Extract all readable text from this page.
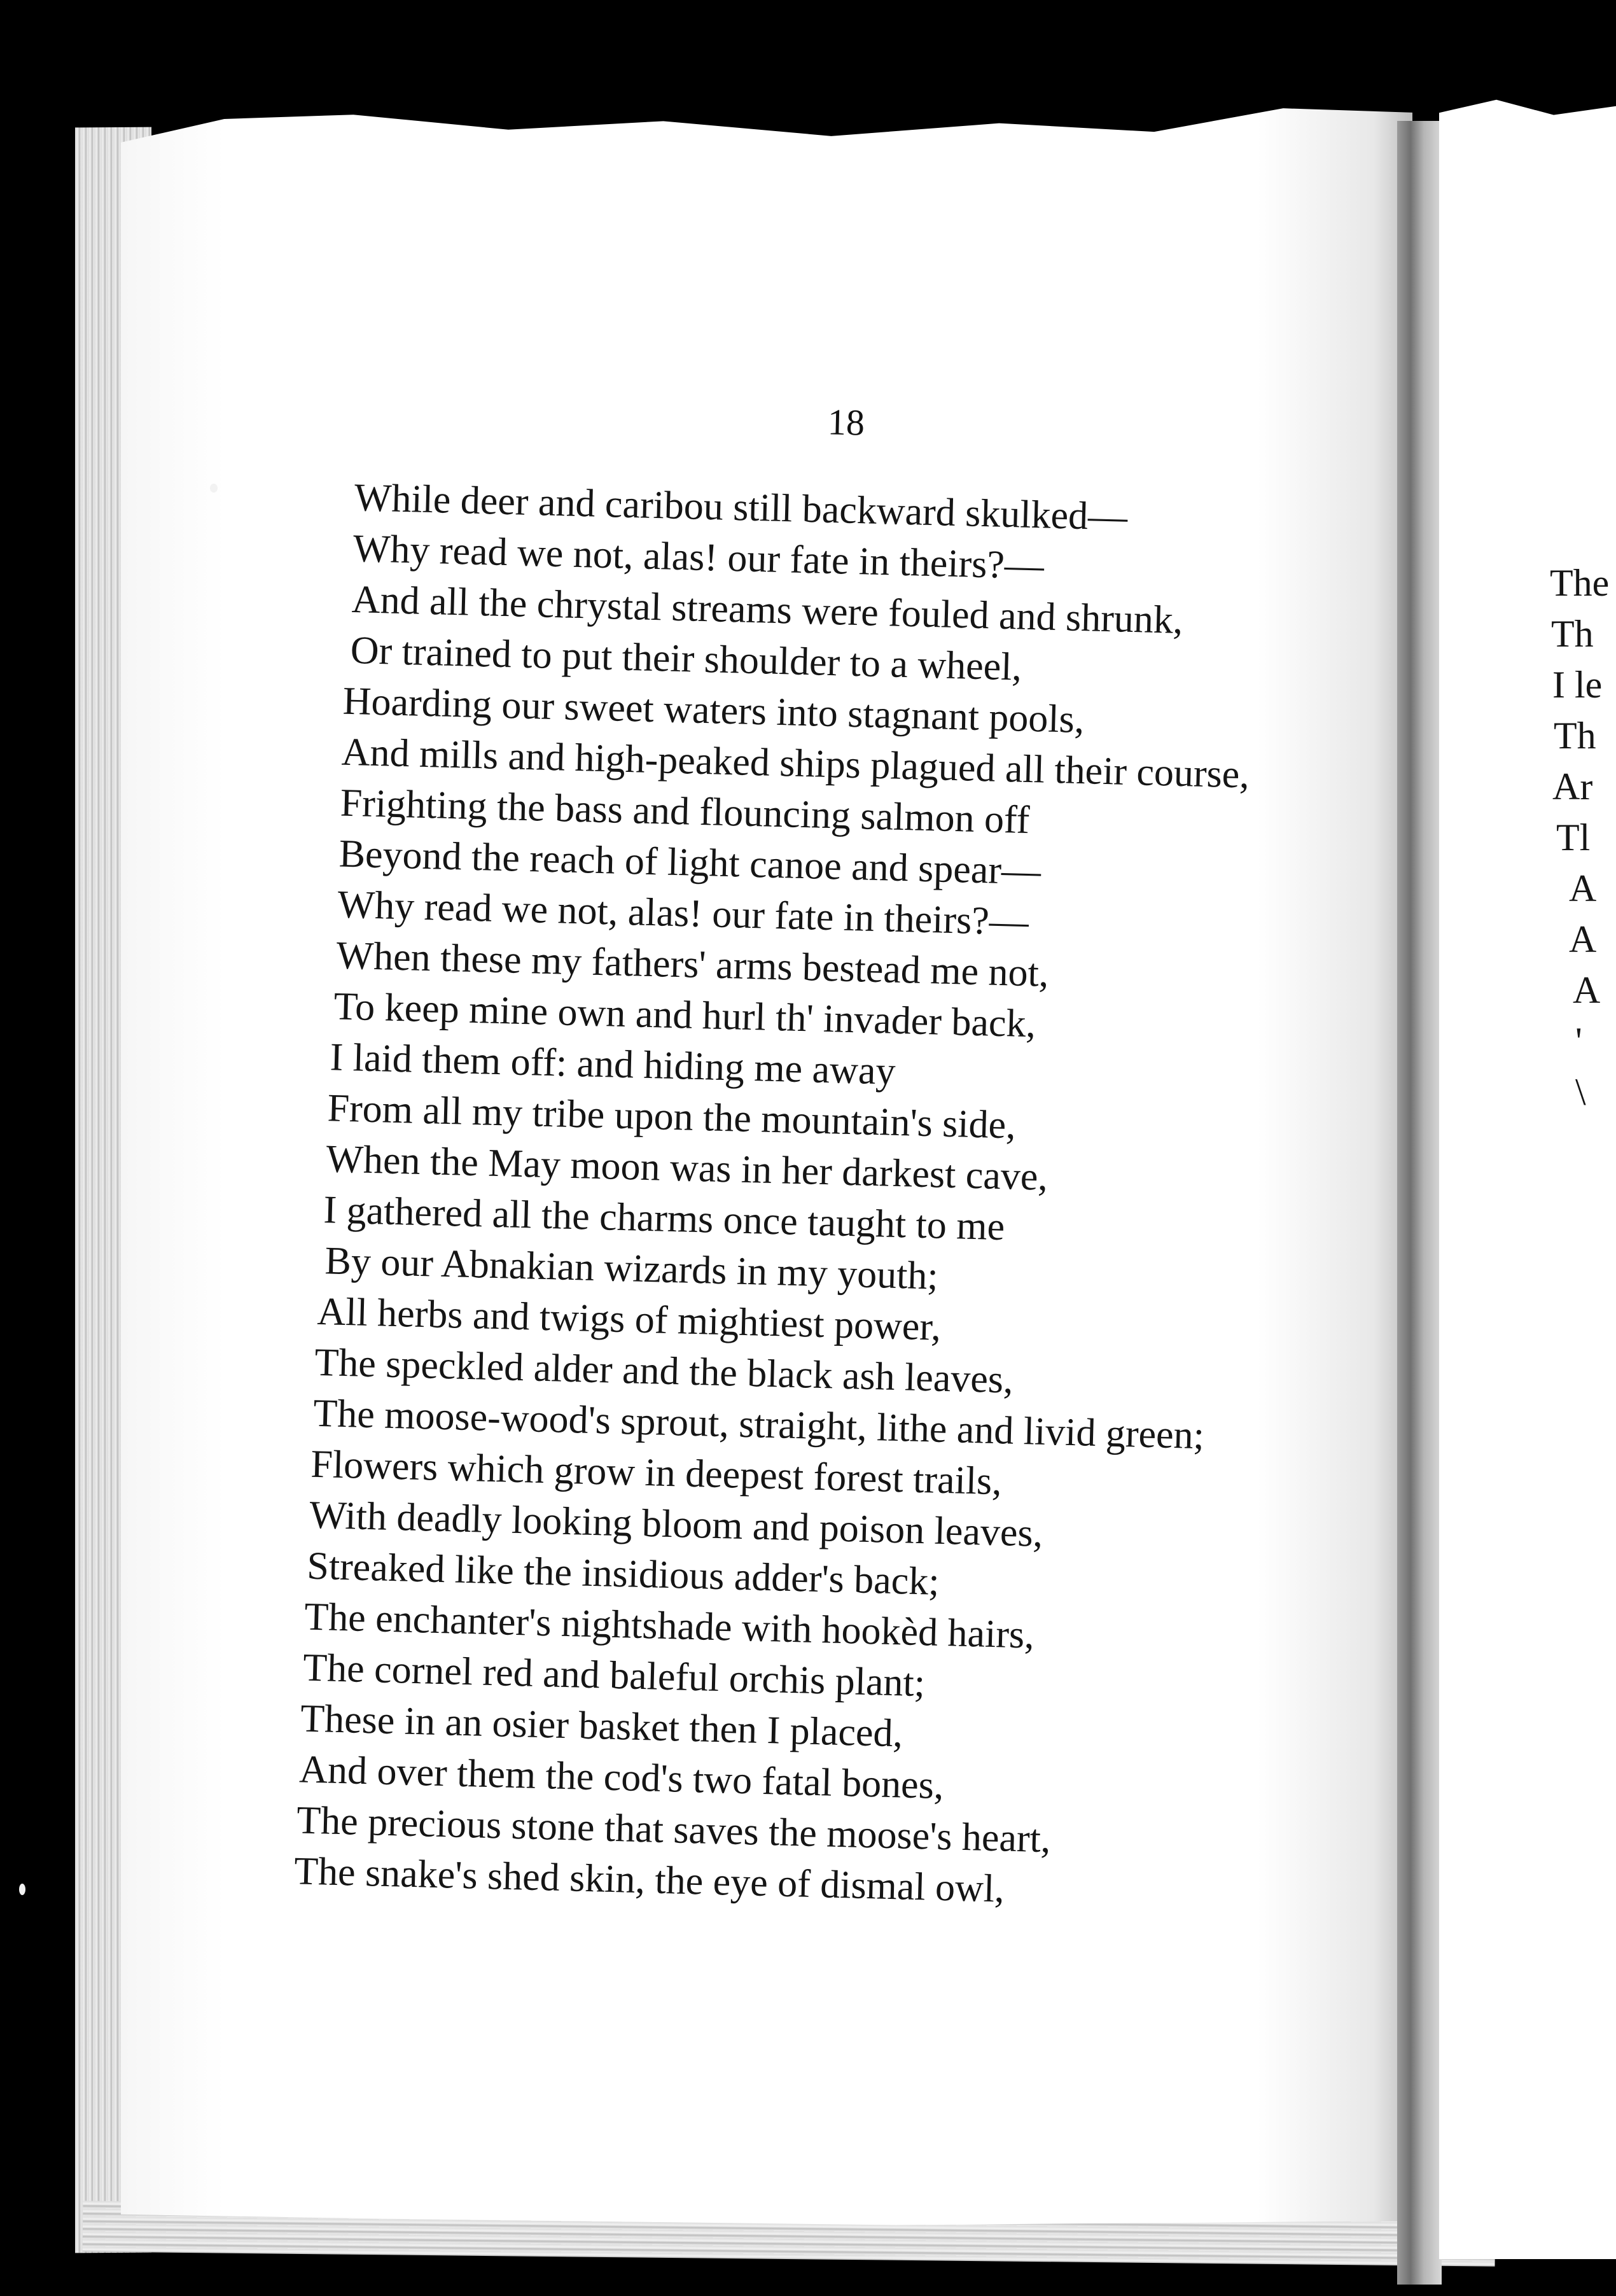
18
While deer and caribou still backward skulked—
Why read we not, alas! our fate in theirs?—
And all the chrystal streams were fouled and shrunk,
Or trained to put their shoulder to a wheel,
Hoarding our sweet waters into stagnant pools,
And mills and high-peaked ships plagued all their course,
Frighting the bass and flouncing salmon off
Beyond the reach of light canoe and spear—
Why read we not, alas! our fate in theirs?—
When these my fathers' arms bestead me not,
To keep mine own and hurl th' invader back,
I laid them off: and hiding me away
From all my tribe upon the mountain's side,
When the May moon was in her darkest cave,
I gathered all the charms once taught to me
By our Abnakian wizards in my youth;
All herbs and twigs of mightiest power,
The speckled alder and the black ash leaves,
The moose-wood's sprout, straight, lithe and livid green;
Flowers which grow in deepest forest trails,
With deadly looking bloom and poison leaves,
Streaked like the insidious adder's back;
The enchanter's nightshade with hookèd hairs,
The cornel red and baleful orchis plant;
These in an osier basket then I placed,
And over them the cod's two fatal bones,
The precious stone that saves the moose's heart,
The snake's shed skin, the eye of dismal owl,
The
Th
I le
Th
Ar
Tl
A
A
A
'
\
